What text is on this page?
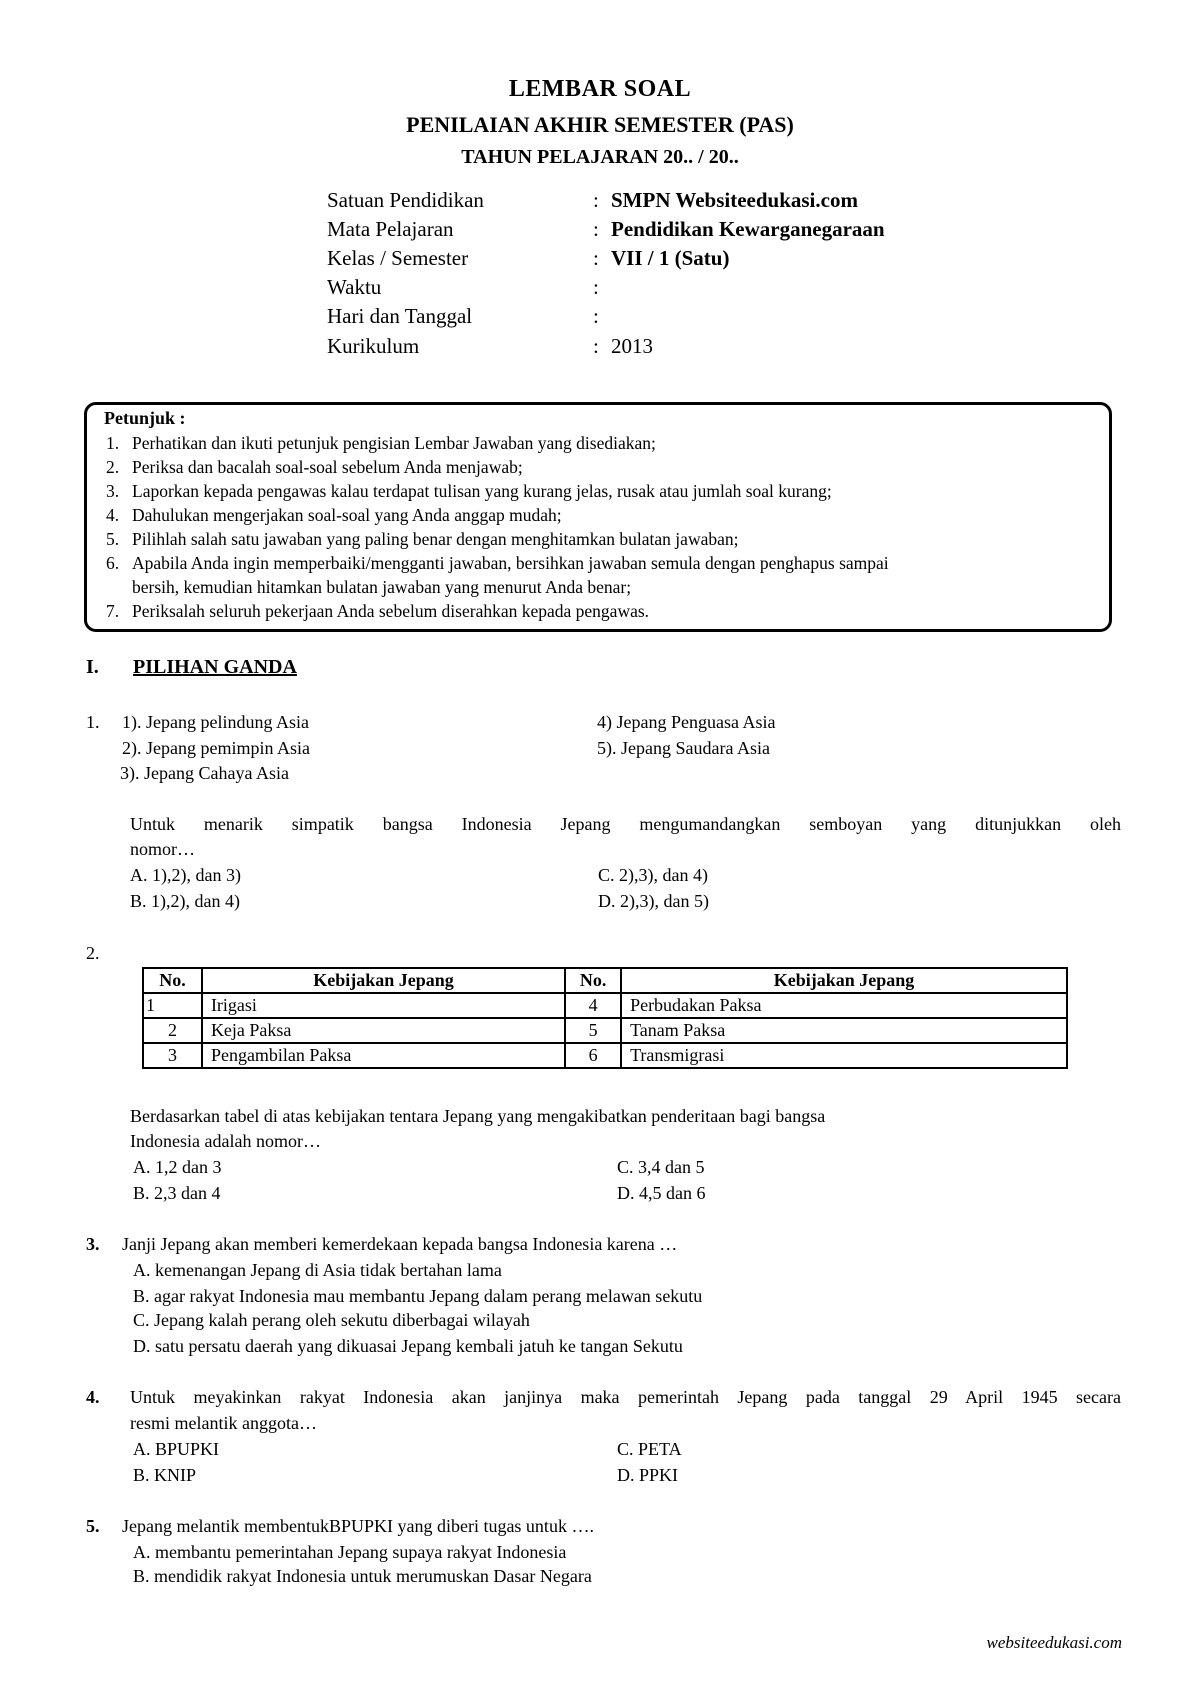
LEMBAR SOAL
PENILAIAN AKHIR SEMESTER (PAS)
TAHUN PELAJARAN 20.. / 20..
Satuan Pendidikan	: SMPN Websiteedukasi.com
Mata Pelajaran	: Pendidikan Kewarganegaraan
Kelas / Semester	: VII / 1 (Satu)
Waktu	:
Hari dan Tanggal	:
Kurikulum	: 2013
Petunjuk :
1. Perhatikan dan ikuti petunjuk pengisian Lembar Jawaban yang disediakan;
2. Periksa dan bacalah soal-soal sebelum Anda menjawab;
3. Laporkan kepada pengawas kalau terdapat tulisan yang kurang jelas, rusak atau jumlah soal kurang;
4. Dahulukan mengerjakan soal-soal yang Anda anggap mudah;
5. Pilihlah salah satu jawaban yang paling benar dengan menghitamkan bulatan jawaban;
6. Apabila Anda ingin memperbaiki/mengganti jawaban, bersihkan jawaban semula dengan penghapus sampai
bersih, kemudian hitamkan bulatan jawaban yang menurut Anda benar;
7. Periksalah seluruh pekerjaan Anda sebelum diserahkan kepada pengawas.
I. PILIHAN GANDA
1. 1). Jepang pelindung Asia
2). Jepang pemimpin Asia
3). Jepang Cahaya Asia
4) Jepang Penguasa Asia
5). Jepang Saudara Asia
Untuk menarik simpatik bangsa Indonesia Jepang mengumandangkan semboyan yang ditunjukkan oleh
nomor…
A. 1),2), dan 3)
B. 1),2), dan 4)
C. 2),3), dan 4)
D. 2),3), dan 5)
2.
No.	Kebijakan Jepang	No.	Kebijakan Jepang
1	Irigasi	4	Perbudakan Paksa
2	Keja Paksa	5	Tanam Paksa
3	Pengambilan Paksa	6	Transmigrasi
Berdasarkan tabel di atas kebijakan tentara Jepang yang mengakibatkan penderitaan bagi bangsa
Indonesia adalah nomor…
A. 1,2 dan 3
B. 2,3 dan 4
C. 3,4 dan 5
D. 4,5 dan 6
3. Janji Jepang akan memberi kemerdekaan kepada bangsa Indonesia karena …
A. kemenangan Jepang di Asia tidak bertahan lama
B. agar rakyat Indonesia mau membantu Jepang dalam perang melawan sekutu
C. Jepang kalah perang oleh sekutu diberbagai wilayah
D. satu persatu daerah yang dikuasai Jepang kembali jatuh ke tangan Sekutu
4. Untuk meyakinkan rakyat Indonesia akan janjinya maka pemerintah Jepang pada tanggal 29 April 1945 secara
resmi melantik anggota…
A. BPUPKI
B. KNIP
C. PETA
D. PPKI
5. Jepang melantik membentukBPUPKI yang diberi tugas untuk ….
A. membantu pemerintahan Jepang supaya rakyat Indonesia
B. mendidik rakyat Indonesia untuk merumuskan Dasar Negara
websiteedukasi.com
